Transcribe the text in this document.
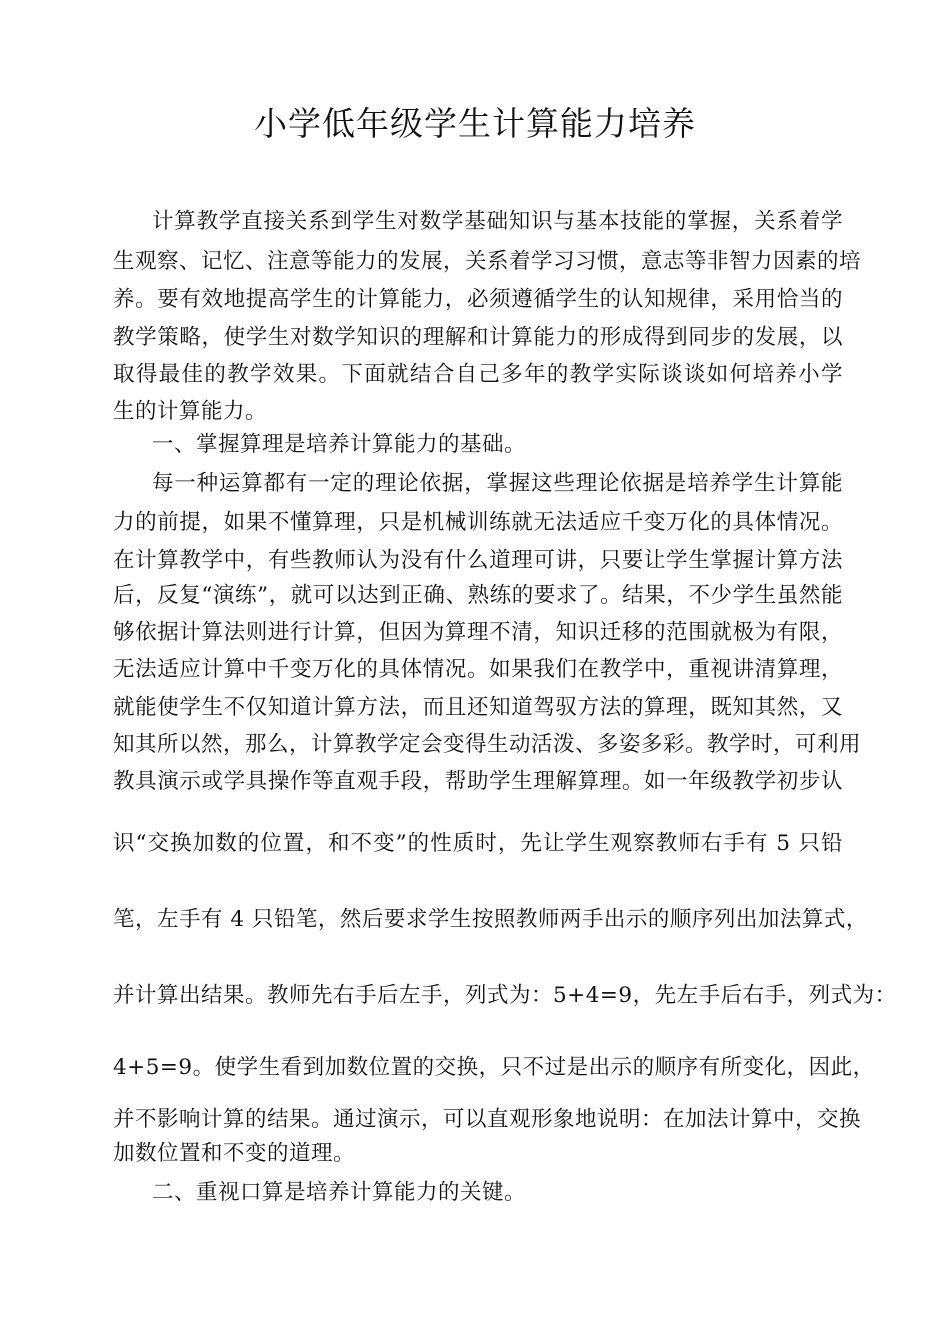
小学低年级学生计算能力培养
计算教学直接关系到学生对数学基础知识与基本技能的掌握，关系着学
生观察、记忆、注意等能力的发展，关系着学习习惯，意志等非智力因素的培
养。要有效地提高学生的计算能力，必须遵循学生的认知规律，采用恰当的
教学策略，使学生对数学知识的理解和计算能力的形成得到同步的发展，以
取得最佳的教学效果。下面就结合自己多年的教学实际谈谈如何培养小学
生的计算能力。
一、掌握算理是培养计算能力的基础。
每一种运算都有一定的理论依据，掌握这些理论依据是培养学生计算能
力的前提，如果不懂算理，只是机械训练就无法适应千变万化的具体情况。
在计算教学中，有些教师认为没有什么道理可讲，只要让学生掌握计算方法
后，反复“演练”，就可以达到正确、熟练的要求了。结果，不少学生虽然能
够依据计算法则进行计算，但因为算理不清，知识迁移的范围就极为有限，
无法适应计算中千变万化的具体情况。如果我们在教学中，重视讲清算理，
就能使学生不仅知道计算方法，而且还知道驾驭方法的算理，既知其然，又
知其所以然，那么，计算教学定会变得生动活泼、多姿多彩。教学时，可利用
教具演示或学具操作等直观手段，帮助学生理解算理。如一年级教学初步认
识“交换加数的位置，和不变”的性质时，先让学生观察教师右手有 5 只铅
笔，左手有 4 只铅笔，然后要求学生按照教师两手出示的顺序列出加法算式，
并计算出结果。教师先右手后左手，列式为：5+4=9，先左手后右手，列式为：
4+5=9。使学生看到加数位置的交换，只不过是出示的顺序有所变化，因此，
并不影响计算的结果。通过演示，可以直观形象地说明：在加法计算中，交换
加数位置和不变的道理。
二、重视口算是培养计算能力的关键。
